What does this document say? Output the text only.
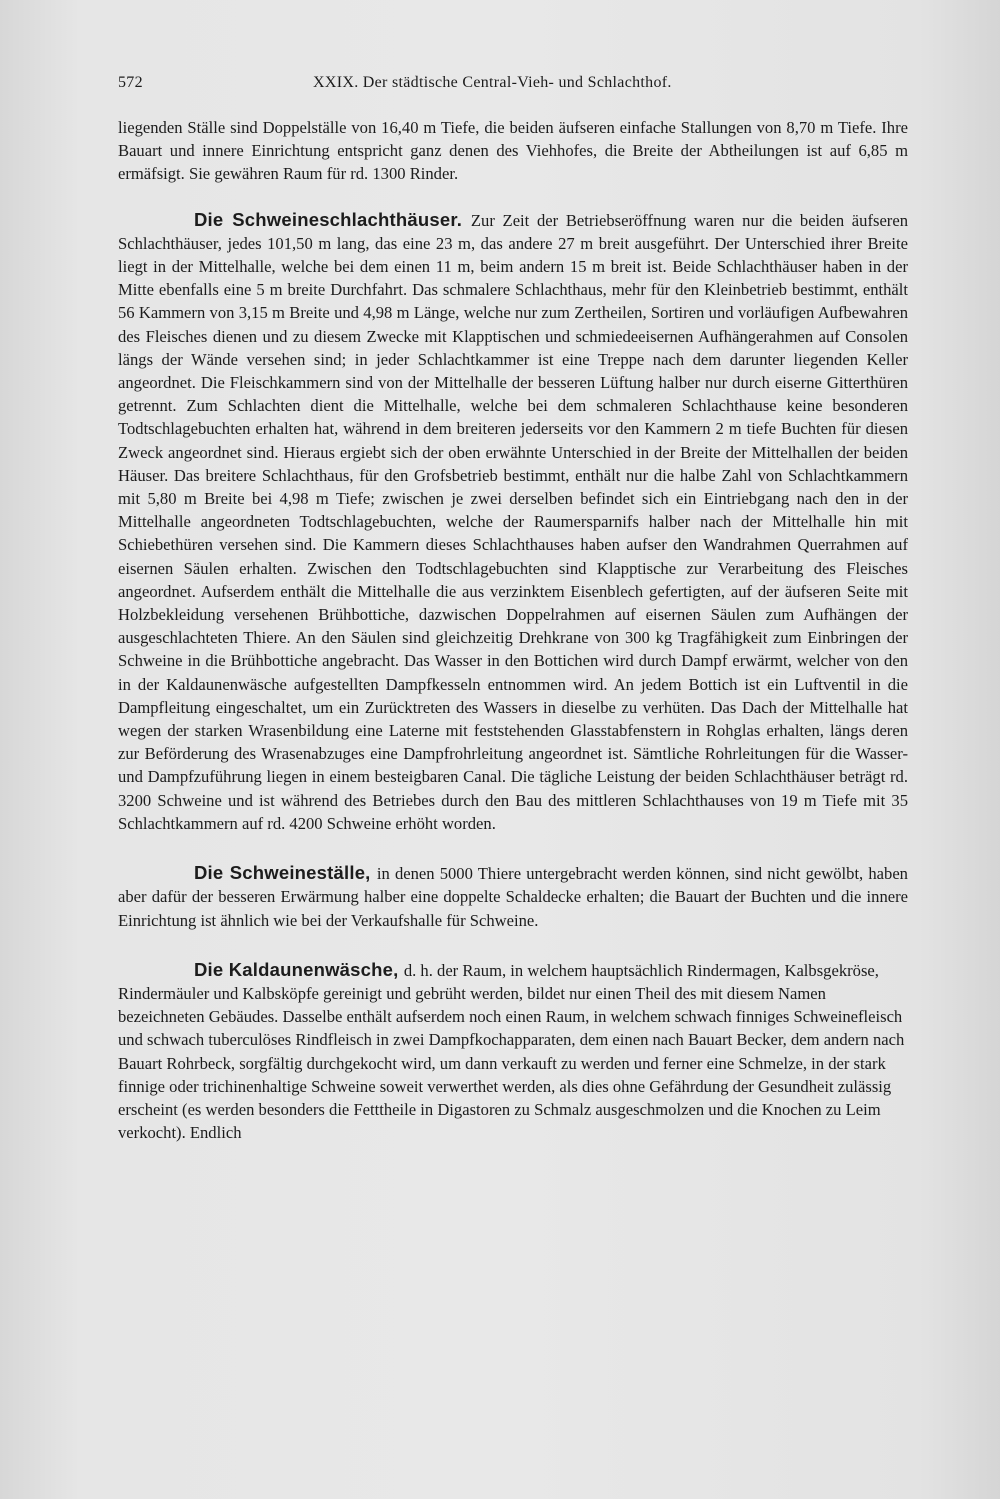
572	XXIX. Der städtische Central-Vieh- und Schlachthof.

liegenden Ställe sind Doppelställe von 16,40 m Tiefe, die beiden äufseren einfache Stallungen von 8,70 m Tiefe. Ihre Bauart und innere Einrichtung entspricht ganz denen des Viehhofes, die Breite der Abtheilungen ist auf 6,85 m ermäfsigt. Sie gewähren Raum für rd. 1300 Rinder.

Die Schweineschlachthäuser. Zur Zeit der Betriebseröffnung waren nur die beiden äufseren Schlachthäuser, jedes 101,50 m lang, das eine 23 m, das andere 27 m breit ausgeführt. Der Unterschied ihrer Breite liegt in der Mittelhalle, welche bei dem einen 11 m, beim andern 15 m breit ist. Beide Schlachthäuser haben in der Mitte ebenfalls eine 5 m breite Durchfahrt. Das schmalere Schlachthaus, mehr für den Kleinbetrieb bestimmt, enthält 56 Kammern von 3,15 m Breite und 4,98 m Länge, welche nur zum Zertheilen, Sortiren und vorläufigen Aufbewahren des Fleisches dienen und zu diesem Zwecke mit Klapptischen und schmiedeeisernen Aufhängerahmen auf Consolen längs der Wände versehen sind; in jeder Schlachtkammer ist eine Treppe nach dem darunter liegenden Keller angeordnet. Die Fleischkammern sind von der Mittelhalle der besseren Lüftung halber nur durch eiserne Gitterthüren getrennt. Zum Schlachten dient die Mittelhalle, welche bei dem schmaleren Schlachthause keine besonderen Todtschlagebuchten erhalten hat, während in dem breiteren jederseits vor den Kammern 2 m tiefe Buchten für diesen Zweck angeordnet sind. Hieraus ergiebt sich der oben erwähnte Unterschied in der Breite der Mittelhallen der beiden Häuser. Das breitere Schlachthaus, für den Grofsbetrieb bestimmt, enthält nur die halbe Zahl von Schlachtkammern mit 5,80 m Breite bei 4,98 m Tiefe; zwischen je zwei derselben befindet sich ein Eintriebgang nach den in der Mittelhalle angeordneten Todtschlagebuchten, welche der Raumersparnifs halber nach der Mittelhalle hin mit Schiebethüren versehen sind. Die Kammern dieses Schlachthauses haben aufser den Wandrahmen Querrahmen auf eisernen Säulen erhalten. Zwischen den Todtschlagebuchten sind Klapptische zur Verarbeitung des Fleisches angeordnet. Aufserdem enthält die Mittelhalle die aus verzinktem Eisenblech gefertigten, auf der äufseren Seite mit Holzbekleidung versehenen Brühbottiche, dazwischen Doppelrahmen auf eisernen Säulen zum Aufhängen der ausgeschlachteten Thiere. An den Säulen sind gleichzeitig Drehkrane von 300 kg Tragfähigkeit zum Einbringen der Schweine in die Brühbottiche angebracht. Das Wasser in den Bottichen wird durch Dampf erwärmt, welcher von den in der Kaldaunenwäsche aufgestellten Dampfkesseln entnommen wird. An jedem Bottich ist ein Luftventil in die Dampfleitung eingeschaltet, um ein Zurücktreten des Wassers in dieselbe zu verhüten. Das Dach der Mittelhalle hat wegen der starken Wrasenbildung eine Laterne mit feststehenden Glasstabfenstern in Rohglas erhalten, längs deren zur Beförderung des Wrasenabzuges eine Dampfrohrleitung angeordnet ist. Sämtliche Rohrleitungen für die Wasser- und Dampfzuführung liegen in einem besteigbaren Canal. Die tägliche Leistung der beiden Schlachthäuser beträgt rd. 3200 Schweine und ist während des Betriebes durch den Bau des mittleren Schlachthauses von 19 m Tiefe mit 35 Schlachtkammern auf rd. 4200 Schweine erhöht worden.

Die Schweineställe, in denen 5000 Thiere untergebracht werden können, sind nicht gewölbt, haben aber dafür der besseren Erwärmung halber eine doppelte Schaldecke erhalten; die Bauart der Buchten und die innere Einrichtung ist ähnlich wie bei der Verkaufshalle für Schweine.

Die Kaldaunenwäsche, d. h. der Raum, in welchem hauptsächlich Rindermagen, Kalbsgekröse, Rindermäuler und Kalbsköpfe gereinigt und gebrüht werden, bildet nur einen Theil des mit diesem Namen bezeichneten Gebäudes. Dasselbe enthält aufserdem noch einen Raum, in welchem schwach finniges Schweinefleisch und schwach tuberculöses Rindfleisch in zwei Dampfkochapparaten, dem einen nach Bauart Becker, dem andern nach Bauart Rohrbeck, sorgfältig durchgekocht wird, um dann verkauft zu werden und ferner eine Schmelze, in der stark finnige oder trichinenhaltige Schweine soweit verwerthet werden, als dies ohne Gefährdung der Gesundheit zulässig erscheint (es werden besonders die Fetttheile in Digastoren zu Schmalz ausgeschmolzen und die Knochen zu Leim verkocht). Endlich
